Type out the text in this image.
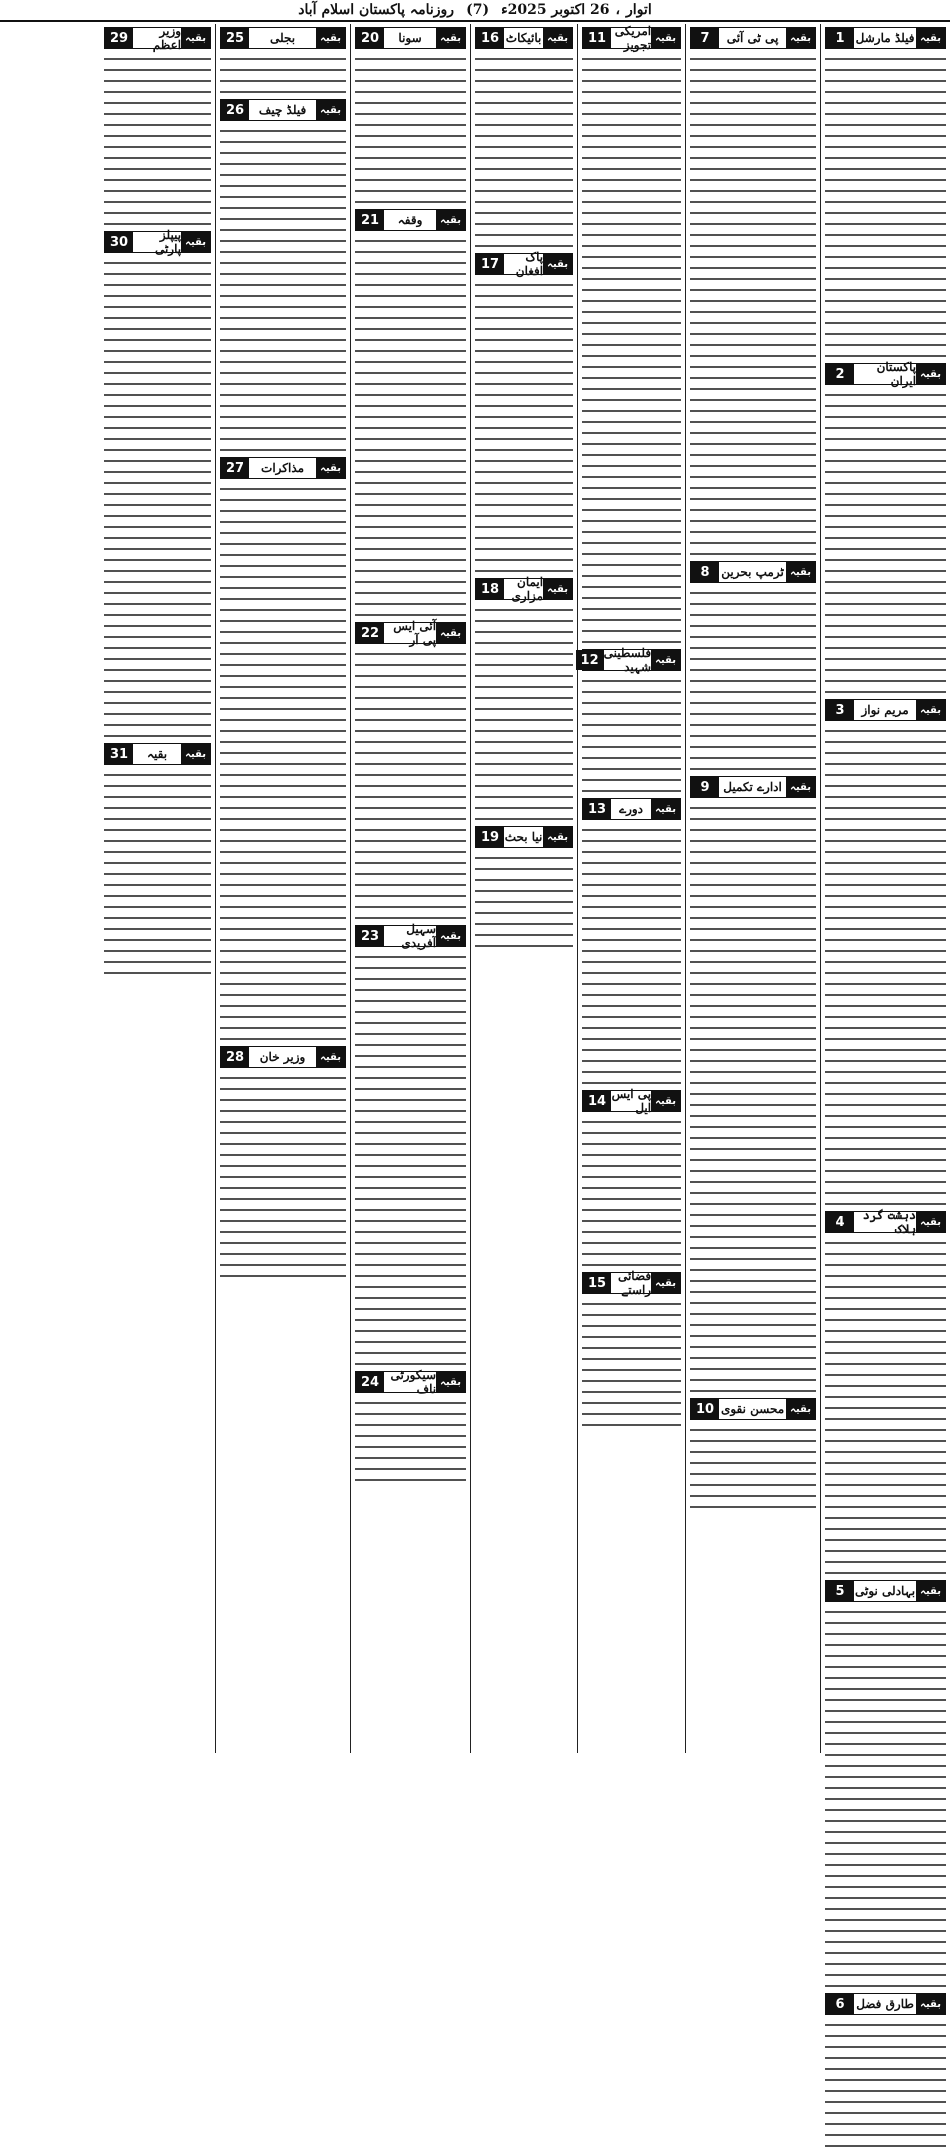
اتوار
،
26 اکتوبر 2025ء
(7)
روزنامہ پاکستان اسلام آباد
بقیہ
فیلڈ مارشل
1
بقیہ
پاکستان ایران
2
بقیہ
مریم نواز
3
بقیہ
دہشت گرد ہلاک
4
بقیہ
بہادلی نوٹی
5
بقیہ
طارق فضل
6
بقیہ
پی ٹی آئی
7
بقیہ
ٹرمپ بحرین
8
بقیہ
ادارے تکمیل
9
بقیہ
محسن نقوی
10
بقیہ
امریکی تجویز
11
بقیہ
فلسطینی شہید
12
بقیہ
دورے
13
بقیہ
پی ایس ایل
14
بقیہ
فضائی راستے
15
بقیہ
بائیکاٹ
16
بقیہ
پاک افغان
17
بقیہ
ایمان مزاری
18
بقیہ
نیا بحث
19
بقیہ
سونا
20
بقیہ
وقفہ
21
بقیہ
آئی ایس پی آر
22
بقیہ
سہیل آفریدی
23
بقیہ
سیکورٹی ناف
24
بقیہ
بجلی
25
بقیہ
فیلڈ چیف
26
بقیہ
مذاکرات
27
بقیہ
وزیر خان
28
بقیہ
وزیر اعظم
29
بقیہ
پیپلز پارٹی
30
بقیہ
بقیہ
31
